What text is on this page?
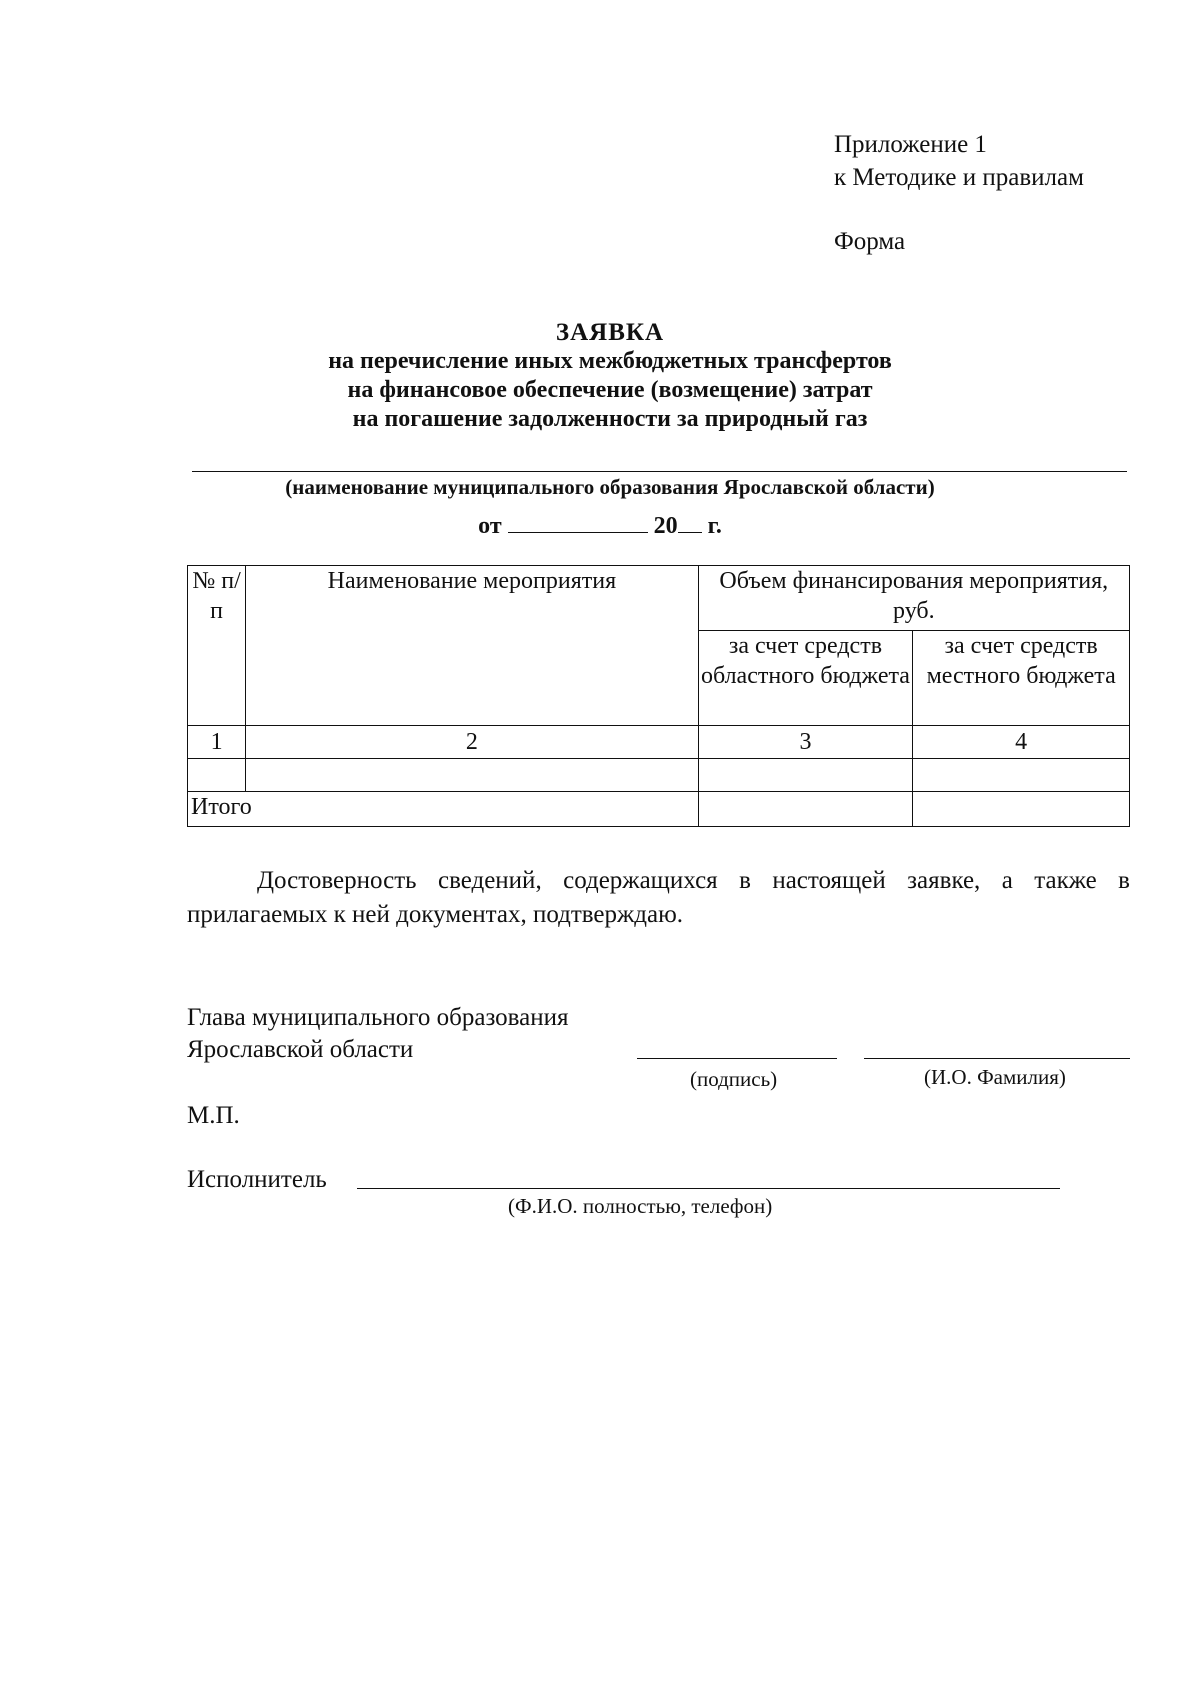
Приложение 1
к Методике и правилам
Форма
ЗАЯВКА
на перечисление иных межбюджетных трансфертов
на финансовое обеспечение (возмещение) затрат
на погашение задолженности за природный газ
(наименование муниципального образования Ярославской области)
от	20 г.
№ п/п	Наименование мероприятия	Объем финансирования мероприятия, руб.	
		за счет средств областного бюджета	за счет средств местного бюджета
1	2	3	4

Итого			
Достоверность сведений, содержащихся в настоящей заявке, а также в прилагаемых к ней документах, подтверждаю.
Глава муниципального образования
Ярославской области
(подпись)	(И.О. Фамилия)
М.П.
Исполнитель
(Ф.И.О. полностью, телефон)
